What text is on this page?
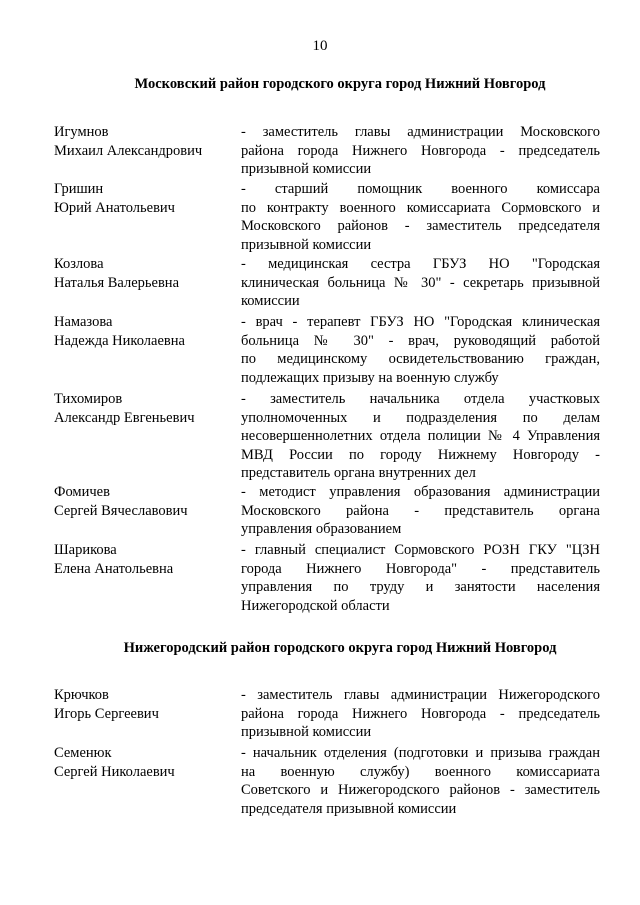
10
Московский район городского округа город Нижний Новгород
Игумнов
Михаил Александрович
- заместитель главы администрации Московского
района города Нижнего Новгорода - председатель
призывной комиссии
Гришин
Юрий Анатольевич
- старший помощник военного комиссара
по контракту военного комиссариата Сормовского и
Московского районов - заместитель председателя
призывной комиссии
Козлова
Наталья Валерьевна
- медицинская сестра ГБУЗ НО "Городская
клиническая больница № 30" - секретарь призывной
комиссии
Намазова
Надежда Николаевна
- врач - терапевт ГБУЗ НО "Городская клиническая
больница № 30" - врач, руководящий работой
по медицинскому освидетельствованию граждан,
подлежащих призыву на военную службу
Тихомиров
Александр Евгеньевич
- заместитель начальника отдела участковых
уполномоченных и подразделения по делам
несовершеннолетних отдела полиции № 4 Управления
МВД России по городу Нижнему Новгороду -
представитель органа внутренних дел
Фомичев
Сергей Вячеславович
- методист управления образования администрации
Московского района - представитель органа
управления образованием
Шарикова
Елена Анатольевна
- главный специалист Сормовского РОЗН ГКУ "ЦЗН
города Нижнего Новгорода" - представитель
управления по труду и занятости населения
Нижегородской области
Нижегородский район городского округа город Нижний Новгород
Крючков
Игорь Сергеевич
- заместитель главы администрации Нижегородского
района города Нижнего Новгорода - председатель
призывной комиссии
Семенюк
Сергей Николаевич
- начальник отделения (подготовки и призыва граждан
на военную службу) военного комиссариата
Советского и Нижегородского районов - заместитель
председателя призывной комиссии
